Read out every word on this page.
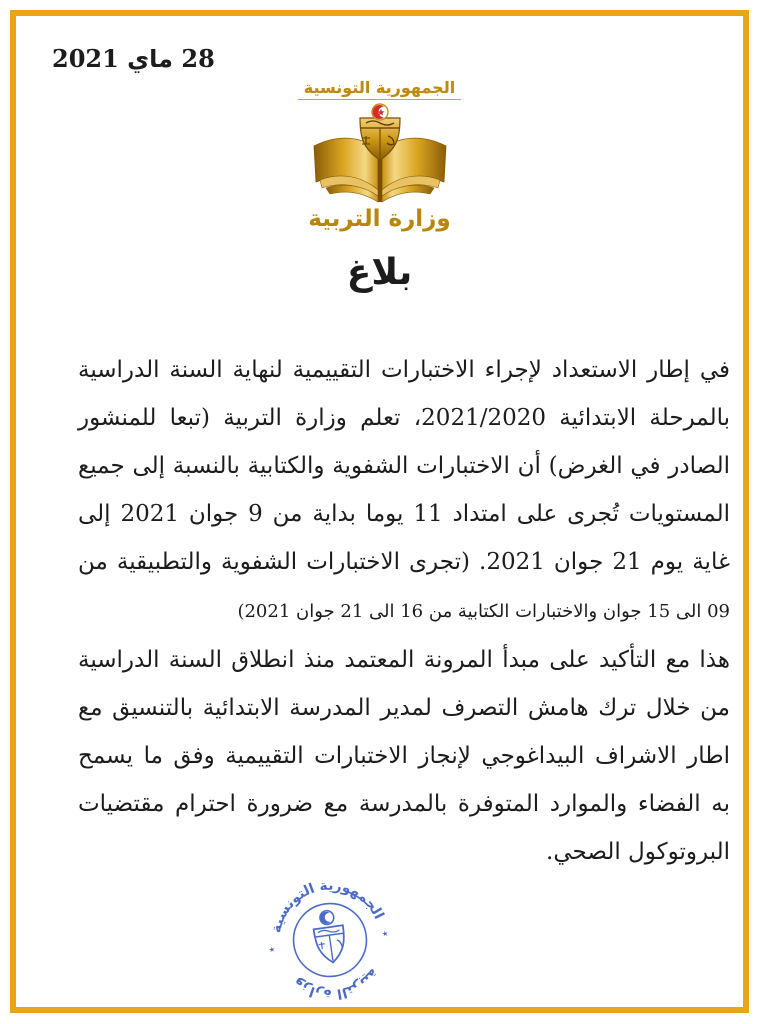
28 ماي 2021
الجمهورية التونسية
وزارة التربية
بلاغ

في إطار الاستعداد لإجراء الاختبارات التقييمية لنهاية السنة الدراسية بالمرحلة الابتدائية 2021/2020، تعلم وزارة التربية (تبعا للمنشور الصادر في الغرض) أن الاختبارات الشفوية والكتابية بالنسبة إلى جميع المستويات تُجرى على امتداد 11 يوما بداية من 9 جوان 2021 إلى غاية يوم 21 جوان 2021. (تجرى الاختبارات الشفوية والتطبيقية من 09 الى 15 جوان والاختبارات الكتابية من 16 الى 21 جوان 2021)

هذا مع التأكيد على مبدأ المرونة المعتمد منذ انطلاق السنة الدراسية من خلال ترك هامش التصرف لمدير المدرسة الابتدائية بالتنسيق مع اطار الاشراف البيداغوجي لإنجاز الاختبارات التقييمية وفق ما يسمح به الفضاء والموارد المتوفرة بالمدرسة مع ضرورة احترام مقتضيات البروتوكول الصحي.

الجمهورية التونسية
وزارة التربية
٭
٭
